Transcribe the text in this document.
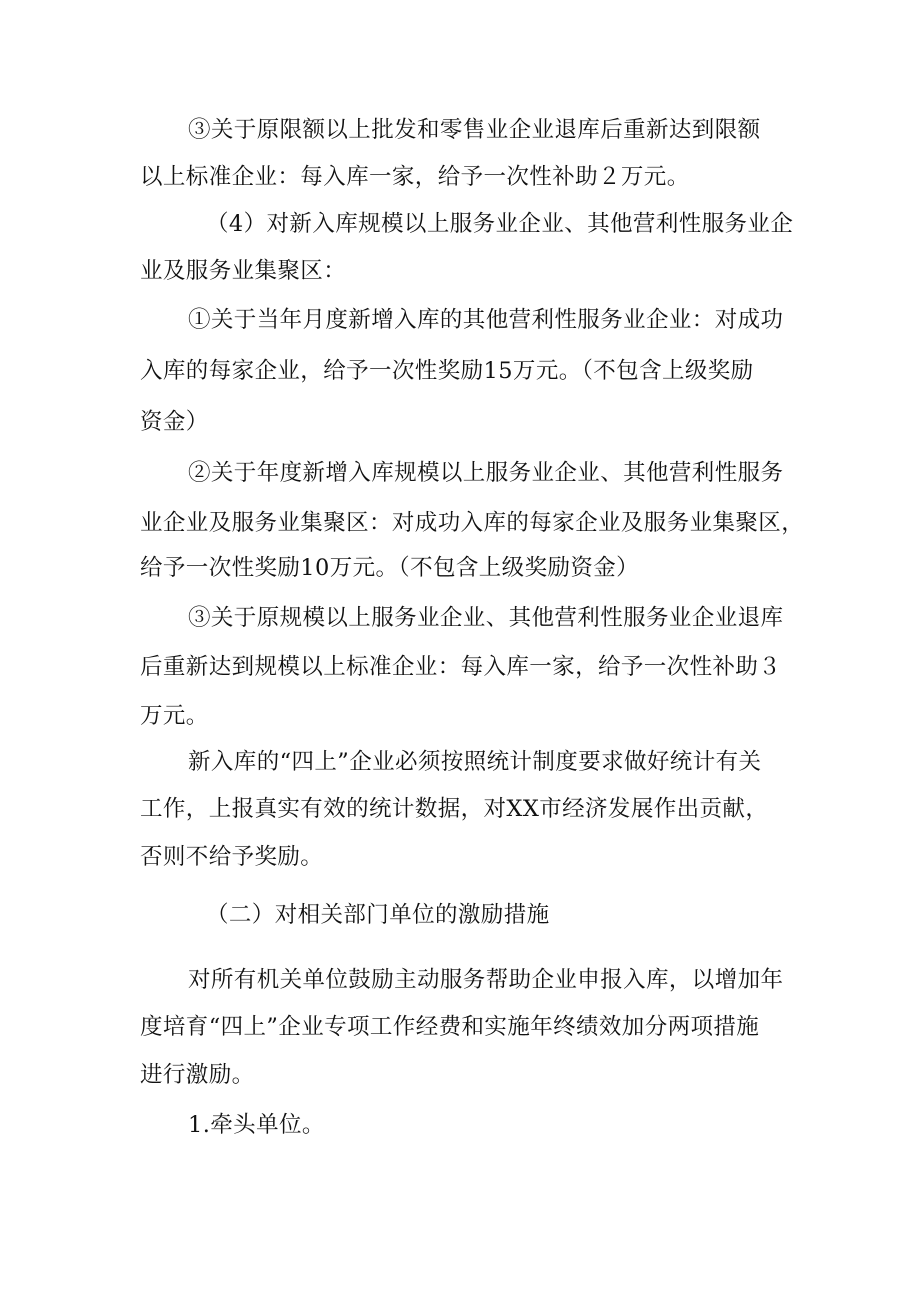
③关于原限额以上批发和零售业企业退库后重新达到限额
以上标准企业：每入库一家，给予一次性补助２万元。
（4）对新入库规模以上服务业企业、其他营利性服务业企
业及服务业集聚区：
①关于当年月度新增入库的其他营利性服务业企业：对成功
入库的每家企业，给予一次性奖励15万元。（不包含上级奖励
资金）
②关于年度新增入库规模以上服务业企业、其他营利性服务
业企业及服务业集聚区：对成功入库的每家企业及服务业集聚区，
给予一次性奖励10万元。（不包含上级奖励资金）
③关于原规模以上服务业企业、其他营利性服务业企业退库
后重新达到规模以上标准企业：每入库一家，给予一次性补助３
万元。
新入库的“四上”企业必须按照统计制度要求做好统计有关
工作，上报真实有效的统计数据，对XX市经济发展作出贡献，
否则不给予奖励。
（二）对相关部门单位的激励措施
对所有机关单位鼓励主动服务帮助企业申报入库，以增加年
度培育“四上”企业专项工作经费和实施年终绩效加分两项措施
进行激励。
1.牵头单位。
